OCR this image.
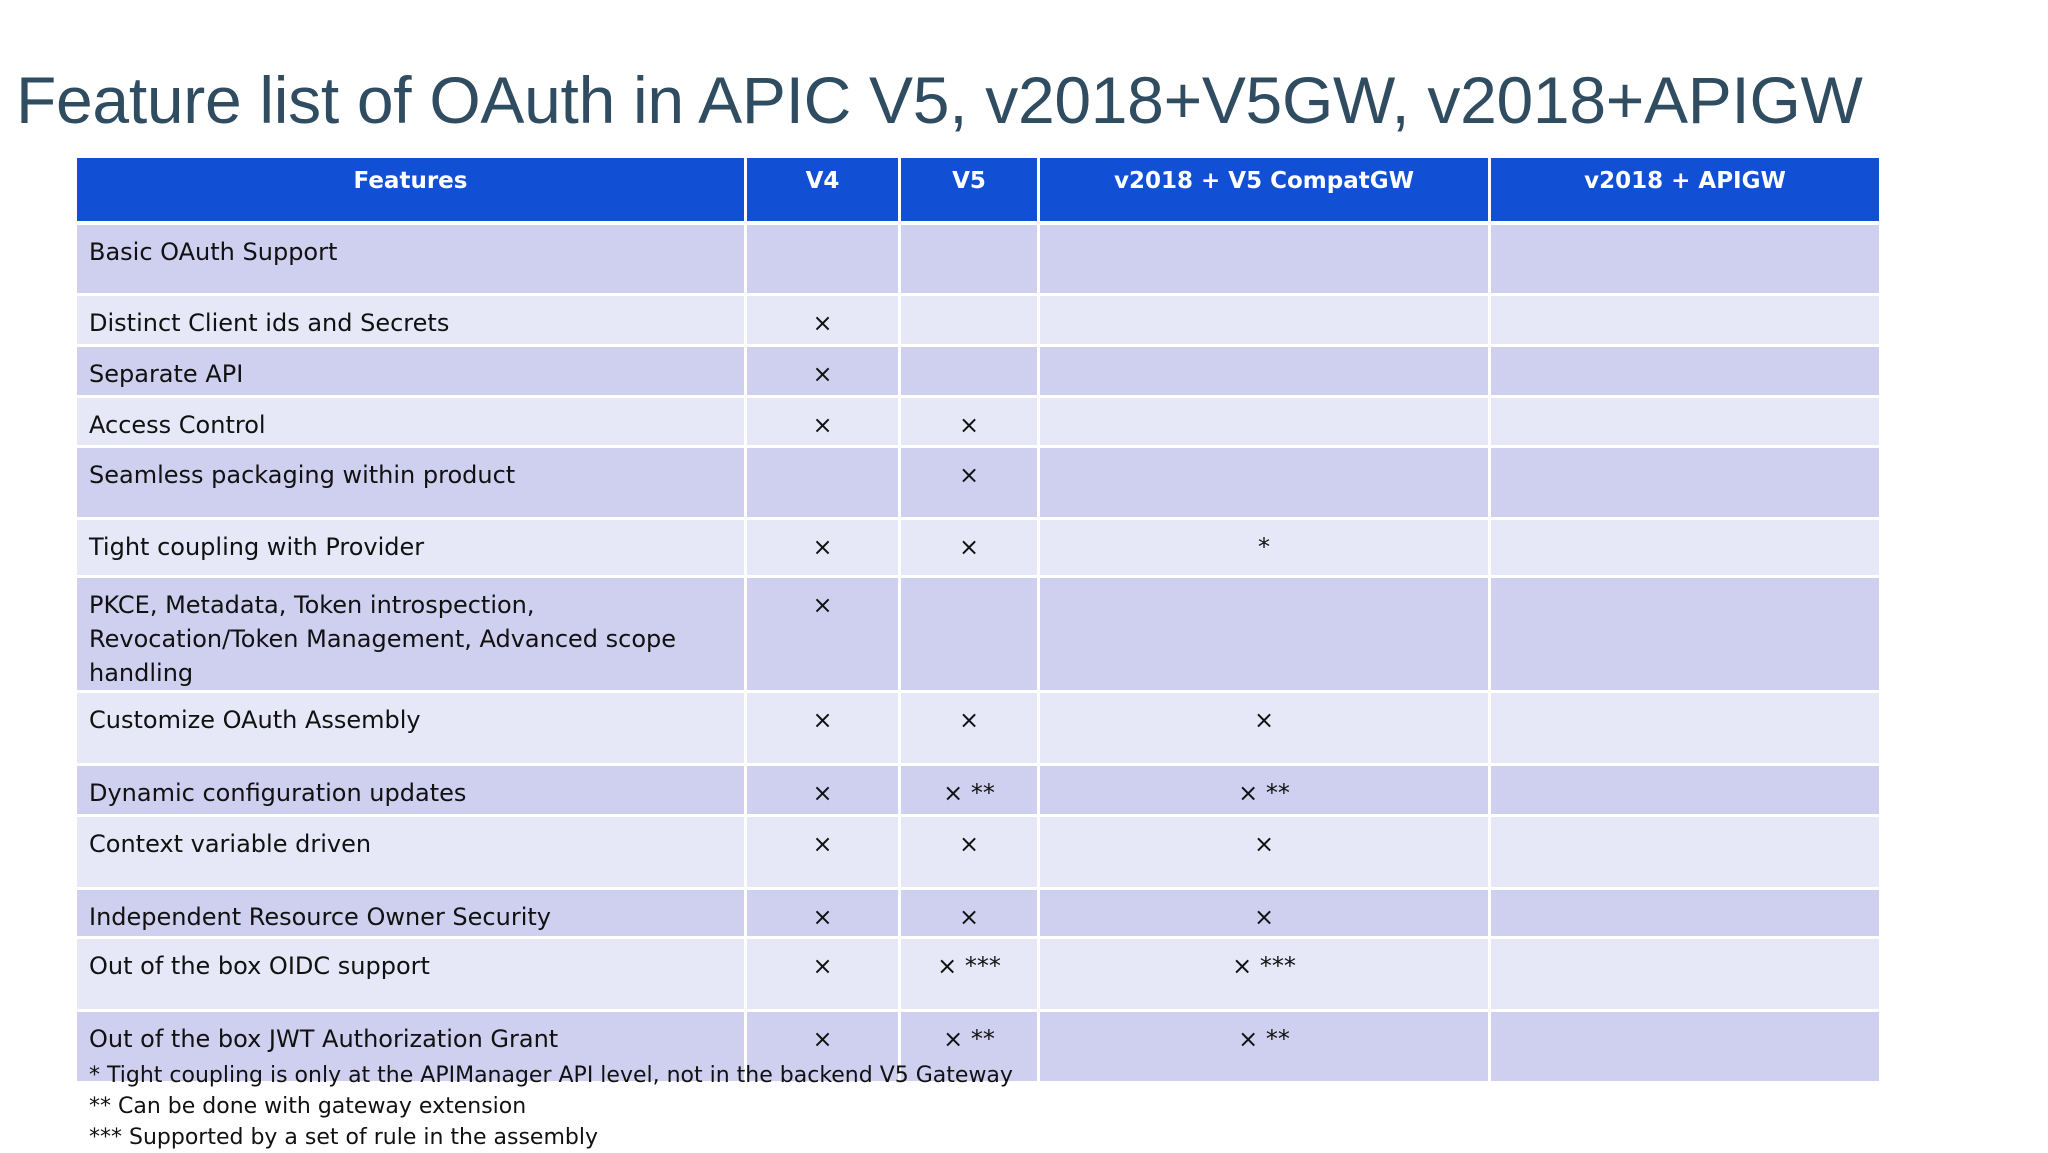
Feature list of OAuth in APIC V5, v2018+V5GW, v2018+APIGW
Features	V4	V5	v2018 + V5 CompatGW	v2018 + APIGW
Basic OAuth Support				
Distinct Client ids and Secrets	×			
Separate API	×			
Access Control	×	×		
Seamless packaging within product		×		
Tight coupling with Provider	×	×	*	
PKCE, Metadata, Token introspection, Revocation/Token Management, Advanced scope handling	×			
Customize OAuth Assembly	×	×	×	
Dynamic configuration updates	×	× **	× **	
Context variable driven	×	×	×	
Independent Resource Owner Security	×	×	×	
Out of the box OIDC support	×	× ***	× ***	
Out of the box JWT Authorization Grant	×	× **	× **	
* Tight coupling is only at the APIManager API level, not in the backend V5 Gateway
** Can be done with gateway extension
*** Supported by a set of rule in the assembly
